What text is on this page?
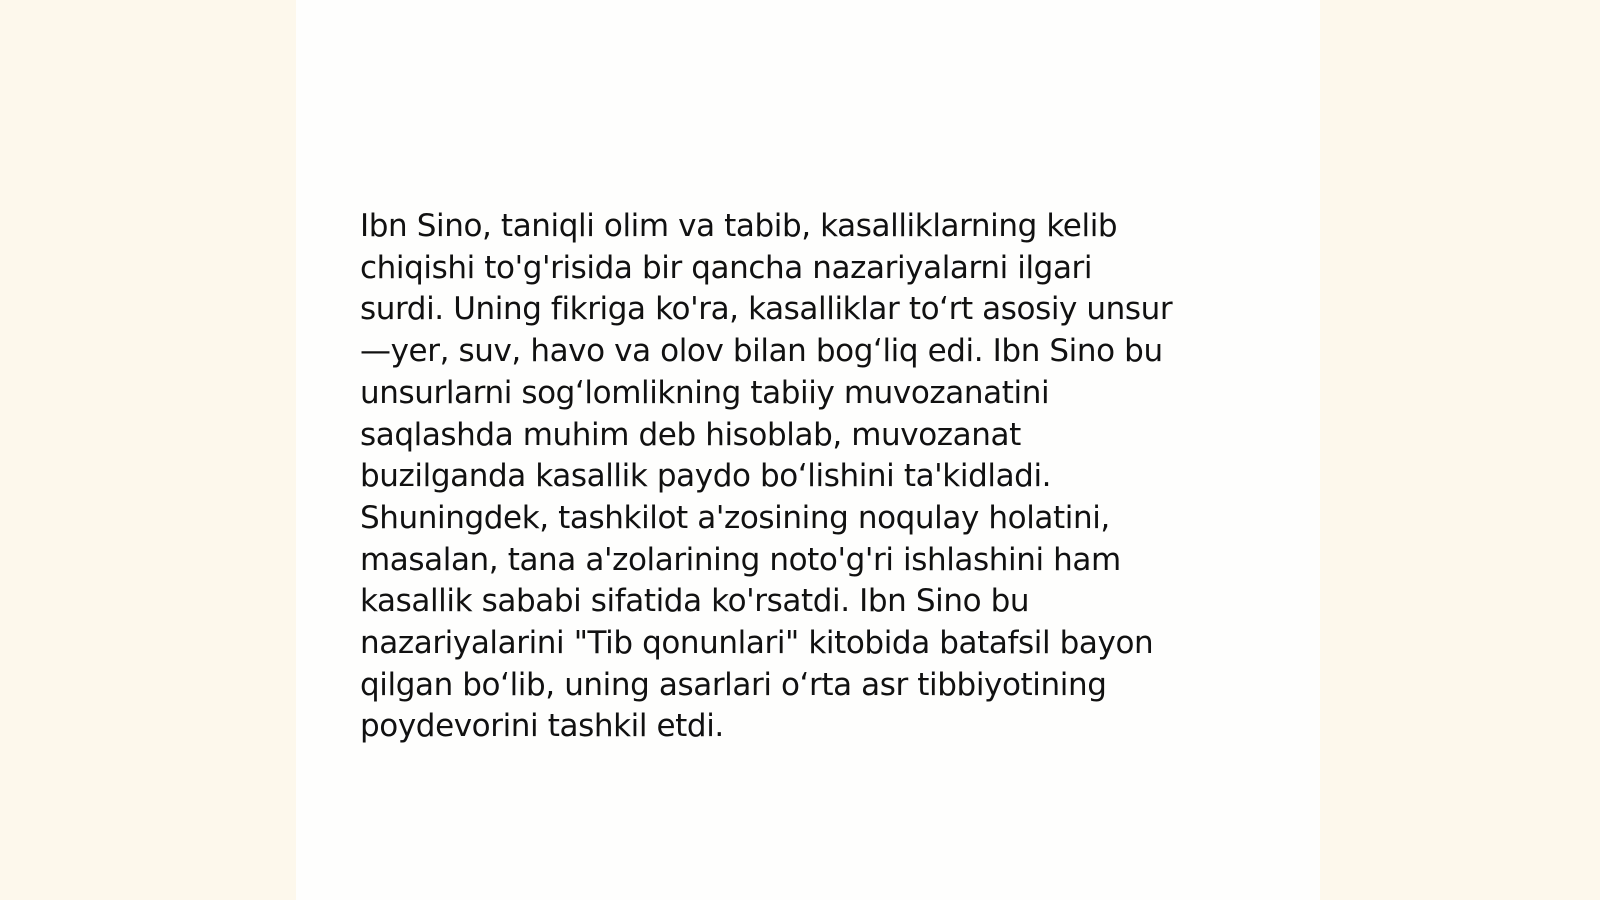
Ibn Sino, taniqli olim va tabib, kasalliklarning kelib
chiqishi to'g'risida bir qancha nazariyalarni ilgari
surdi. Uning fikriga ko'ra, kasalliklar to‘rt asosiy unsur
—yer, suv, havo va olov bilan bog‘liq edi. Ibn Sino bu
unsurlarni sog‘lomlikning tabiiy muvozanatini
saqlashda muhim deb hisoblab, muvozanat
buzilganda kasallik paydo bo‘lishini ta'kidladi.
Shuningdek, tashkilot a'zosining noqulay holatini,
masalan, tana a'zolarining noto'g'ri ishlashini ham
kasallik sababi sifatida ko'rsatdi. Ibn Sino bu
nazariyalarini "Tib qonunlari" kitobida batafsil bayon
qilgan bo‘lib, uning asarlari o‘rta asr tibbiyotining
poydevorini tashkil etdi.
